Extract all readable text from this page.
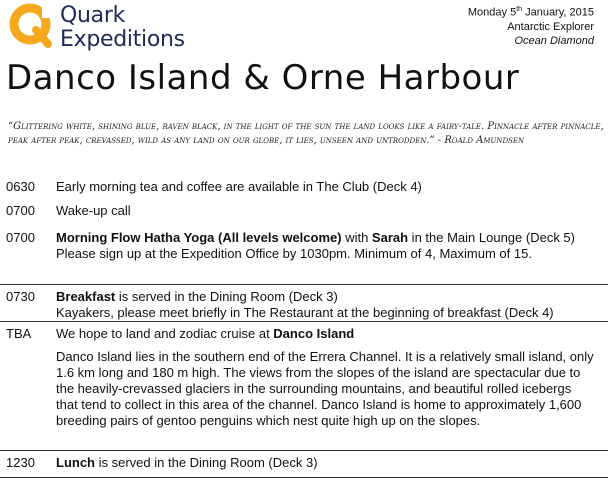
Quark
Expeditions
Monday 5th January, 2015
Antarctic Explorer
Ocean Diamond
Danco Island & Orne Harbour
“Glittering white, shining blue, raven black, in the light of the sun the land looks like a fairy-tale. Pinnacle after pinnacle, peak after peak, crevassed, wild as any land on our globe, it lies, unseen and untrodden.” - Roald Amundsen
0630 Early morning tea and coffee are available in The Club (Deck 4)
0700 Wake-up call
0700 Morning Flow Hatha Yoga (All levels welcome) with Sarah in the Main Lounge (Deck 5)
Please sign up at the Expedition Office by 1030pm. Minimum of 4, Maximum of 15.
0730 Breakfast is served in the Dining Room (Deck 3)
Kayakers, please meet briefly in The Restaurant at the beginning of breakfast (Deck 4)
TBA We hope to land and zodiac cruise at Danco Island
Danco Island lies in the southern end of the Errera Channel. It is a relatively small island, only 1.6 km long and 180 m high. The views from the slopes of the island are spectacular due to the heavily-crevassed glaciers in the surrounding mountains, and beautiful rolled icebergs that tend to collect in this area of the channel. Danco Island is home to approximately 1,600 breeding pairs of gentoo penguins which nest quite high up on the slopes.
1230 Lunch is served in the Dining Room (Deck 3)
